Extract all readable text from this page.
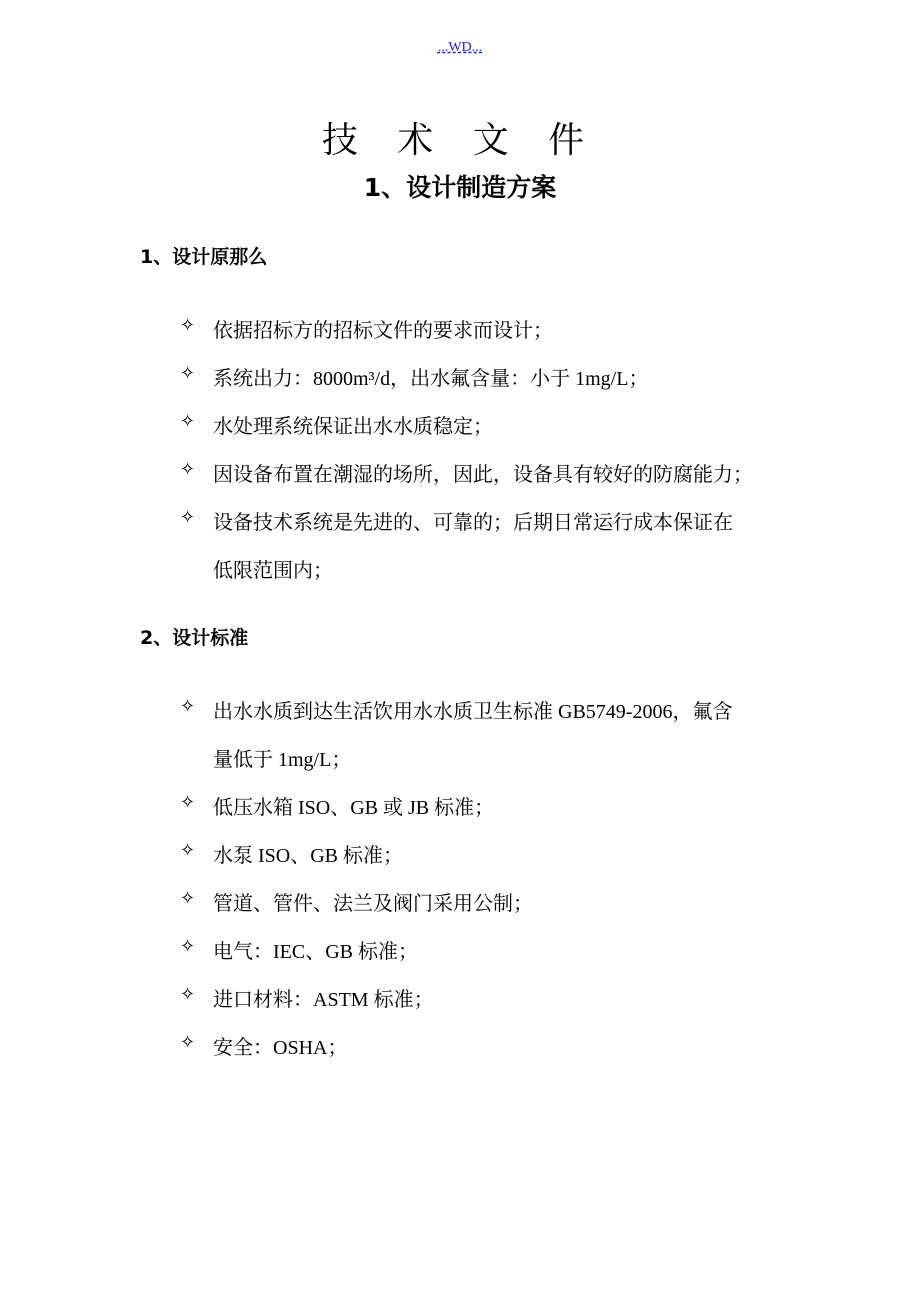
...WD...
技 术 文 件
1、设计制造方案
1、设计原那么
✧ 依据招标方的招标文件的要求而设计；
✧ 系统出力：8000m³/d，出水氟含量：小于 1mg/L；
✧ 水处理系统保证出水水质稳定；
✧ 因设备布置在潮湿的场所，因此，设备具有较好的防腐能力；
✧ 设备技术系统是先进的、可靠的；后期日常运行成本保证在
低限范围内；
2、设计标准
✧ 出水水质到达生活饮用水水质卫生标准 GB5749-2006，氟含
量低于 1mg/L；
✧ 低压水箱 ISO、GB 或 JB 标准；
✧ 水泵 ISO、GB 标准；
✧ 管道、管件、法兰及阀门采用公制；
✧ 电气：IEC、GB 标准；
✧ 进口材料：ASTM 标准；
✧ 安全：OSHA；
